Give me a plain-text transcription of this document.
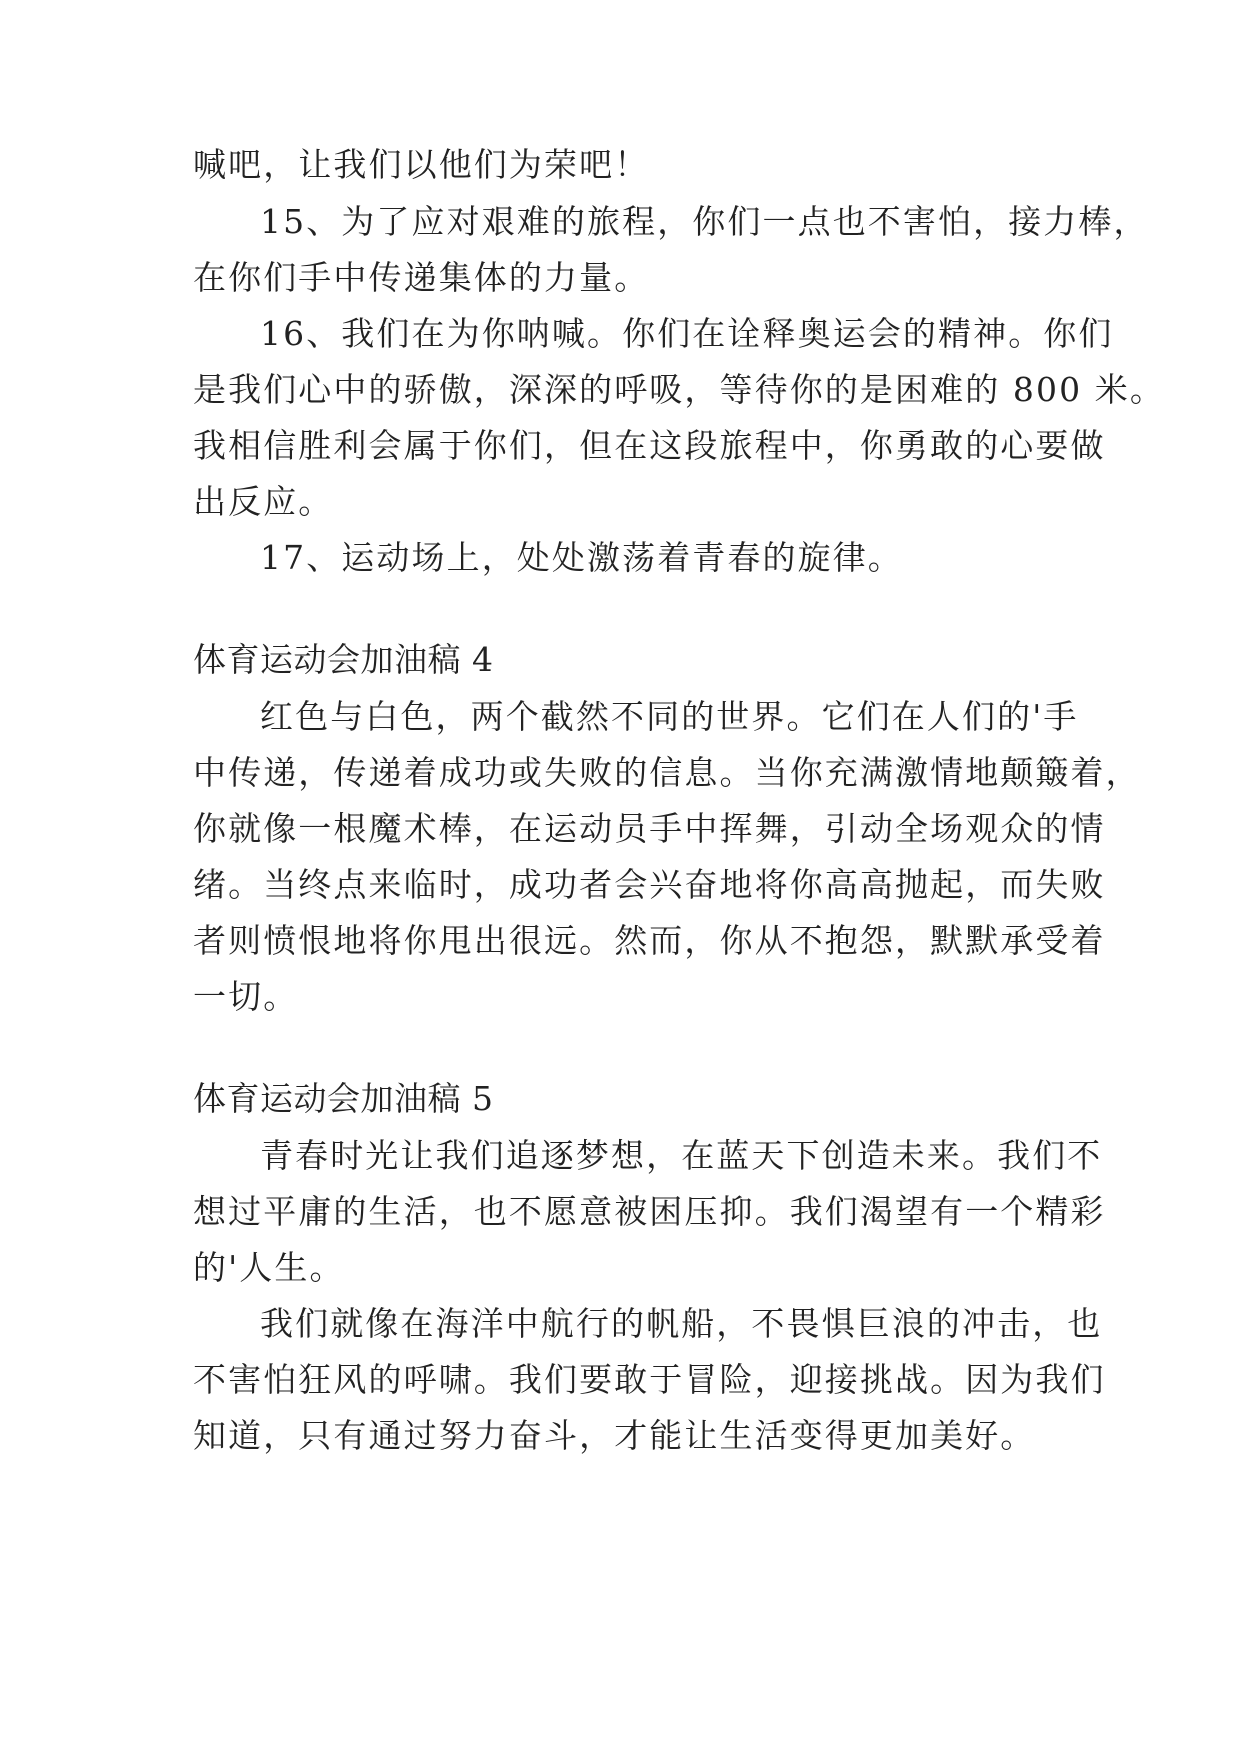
喊吧，让我们以他们为荣吧！
15、为了应对艰难的旅程，你们一点也不害怕，接力棒，
在你们手中传递集体的力量。
16、我们在为你呐喊。你们在诠释奥运会的精神。你们
是我们心中的骄傲，深深的呼吸，等待你的是困难的 800 米。
我相信胜利会属于你们，但在这段旅程中，你勇敢的心要做
出反应。
17、运动场上，处处激荡着青春的旋律。
体育运动会加油稿 4
红色与白色，两个截然不同的世界。它们在人们的'手
中传递，传递着成功或失败的信息。当你充满激情地颠簸着，
你就像一根魔术棒，在运动员手中挥舞，引动全场观众的情
绪。当终点来临时，成功者会兴奋地将你高高抛起，而失败
者则愤恨地将你甩出很远。然而，你从不抱怨，默默承受着
一切。
体育运动会加油稿 5
青春时光让我们追逐梦想，在蓝天下创造未来。我们不
想过平庸的生活，也不愿意被困压抑。我们渴望有一个精彩
的'人生。
我们就像在海洋中航行的帆船，不畏惧巨浪的冲击，也
不害怕狂风的呼啸。我们要敢于冒险，迎接挑战。因为我们
知道，只有通过努力奋斗，才能让生活变得更加美好。
